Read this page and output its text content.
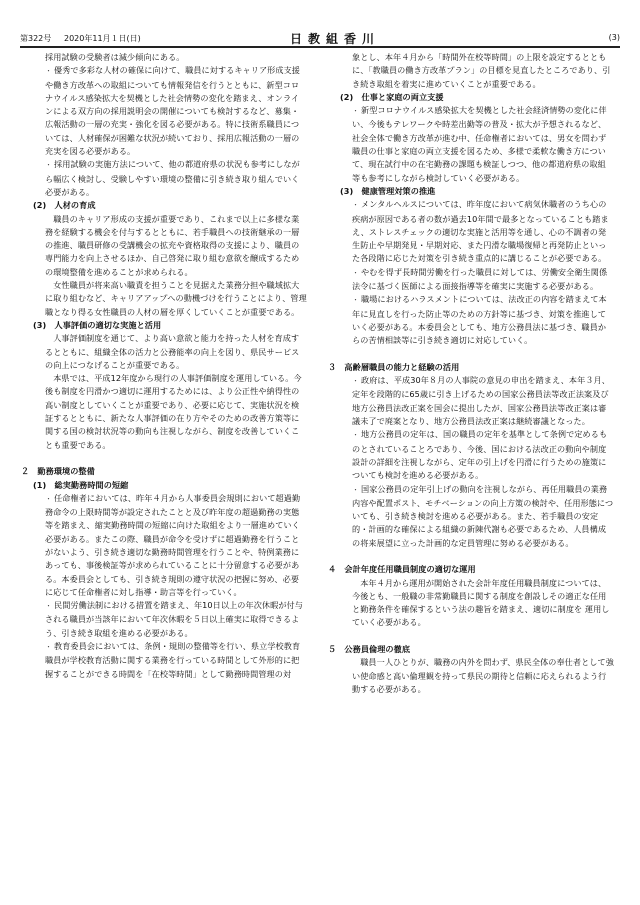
第322号 2020年11月１日(日)	日教組香川	(3)
採用試験の受験者は減少傾向にある。
・ 優秀で多彩な人材の確保に向けて、職員に対するキャリア形成支援や働き方改革への取組についても情報発信を行うとともに、新型コロナウイルス感染拡大を契機とした社会情勢の変化を踏まえ、オンラインによる双方向の採用説明会の開催についても検討するなど、募集・広報活動の一層の充実・強化を図る必要がある。特に技術系職員については、人材確保が困難な状況が続いており、採用広報活動の一層の充実を図る必要がある。
・ 採用試験の実施方法について、他の都道府県の状況も参考にしながら幅広く検討し、受験しやすい環境の整備に引き続き取り組んでいく必要がある。
(2)　人材の育成
　職員のキャリア形成の支援が重要であり、これまで以上に多様な業務を経験する機会を付与するとともに、若手職員への技術継承の一層の推進、職員研修の受講機会の拡充や資格取得の支援により、職員の専門能力を向上させるほか、自己啓発に取り組む意欲を醸成するための環境整備を進めることが求められる。
　女性職員が将来高い職責を担うことを見据えた業務分担や職域拡大に取り組むなど、キャリアアップへの動機づけを行うことにより、管理職となり得る女性職員の人材の層を厚くしていくことが重要である。
(3)　人事評価の適切な実施と活用
　人事評価制度を通じて、より高い意欲と能力を持った人材を育成するとともに、組織全体の活力と公務能率の向上を図り、県民サービスの向上につなげることが重要である。
　本県では、平成12年度から現行の人事評価制度を運用している。今後も制度を円滑かつ適切に運用するためには、より公正性や納得性の高い制度としていくことが重要であり、必要に応じて、実施状況を検証するとともに、新たな人事評価の在り方やそのための改善方策等に関する国の検討状況等の動向も注視しながら、制度を改善していくことも重要である。
２　勤務環境の整備
(1)　総実勤務時間の短縮
・ 任命権者においては、昨年４月から人事委員会規則において超過勤務命令の上限時間等が設定されたことと及び昨年度の超過勤務の実態等を踏まえ、縮実勤務時間の短縮に向けた取組をより一層進めていく必要がある。またこの際、職員が命令を受けずに超過勤務を行うことがないよう、引き続き適切な勤務時間管理を行うことや、特例業務にあっても、事後検証等が求められていることに十分留意する必要がある。本委員会としても、引き続き規則の遵守状況の把握に努め、必要に応じて任命権者に対し指導・助言等を行っていく。
・ 民間労働法制における措置を踏まえ、年10日以上の年次休暇が付与される職員が当該年において年次休暇を５日以上確実に取得できるよう、引き続き取組を進める必要がある。
・ 教育委員会においては、条例・規則の整備等を行い、県立学校教育職員が学校教育活動に関する業務を行っている時間として外形的に把握することができる時間を「在校等時間」として勤務時間管理の対
象とし、本年４月から「時間外在校等時間」の上限を設定するとともに、「教職員の働き方改革プラン」の目標を見直したところであり、引き続き取組を着実に進めていくことが重要である。
(2)　仕事と家庭の両立支援
・ 新型コロナウイルス感染拡大を契機とした社会経済情勢の変化に伴い、今後もテレワークや時差出勤等の普及・拡大が予想されるなど、社会全体で働き方改革が進む中、任命権者においては、男女を問わず職員の仕事と家庭の両立支援を図るため、多様で柔軟な働き方について、現在試行中の在宅勤務の課題も検証しつつ、他の都道府県の取組等も参考にしながら検討していく必要がある。
(3)　健康管理対策の推進
・ メンタルヘルスについては、昨年度において病気休職者のうち心の疾病が原因である者の数が過去10年間で最多となっていることも踏まえ、ストレスチェックの適切な実施と活用等を通し、心の不調者の発生防止や早期発見・早期対応、また円滑な職場復帰と再発防止といった各段階に応じた対策を引き続き重点的に講じることが必要である。
・ やむを得ず長時間労働を行った職員に対しては、労働安全衛生関係法令に基づく医師による面接指導等を確実に実施する必要がある。
・ 職場におけるハラスメントについては、法改正の内容を踏まえて本年に見直しを行った防止等のための方針等に基づき、対策を推進していく必要がある。本委員会としても、地方公務員法に基づき、職員からの苦情相談等に引き続き適切に対応していく。
３　高齢層職員の能力と経験の活用
・ 政府は、平成30年８月の人事院の意見の申出を踏まえ、本年３月、定年を段階的に65歳に引き上げるための国家公務員法等改正法案及び地方公務員法改正案を国会に提出したが、国家公務員法等改正案は審議未了で廃案となり、地方公務員法改正案は継続審議となった。
・ 地方公務員の定年は、国の職員の定年を基準として条例で定めるものとされていることろであり、今後、国における法改正の動向や制度設計の詳細を注視しながら、定年の引上げを円滑に行うための施策についても検討を進める必要がある。
・ 国家公務員の定年引上げの動向を注視しながら、再任用職員の業務内容や配置ポスト、モチベーションの向上方策の検討や、任用形態についても、引き続き検討を進める必要がある。また、若手職員の安定的・計画的な確保による組織の新陳代謝も必要であるため、人員構成の将来展望に立った計画的な定員管理に努める必要がある。
４　会計年度任用職員制度の適切な運用
　本年４月から運用が開始された会計年度任用職員制度については、今後とも、一般職の非常勤職員に関する制度を創設しその適正な任用と勤務条件を確保するという法の趣旨を踏まえ、適切に制度を 運用していく必要がある。
５　公務員倫理の徹底
　職員一人ひとりが、職務の内外を問わず、県民全体の奉仕者として強い使命感と高い倫理観を持って県民の期待と信頼に応えられるよう行動する必要がある。
